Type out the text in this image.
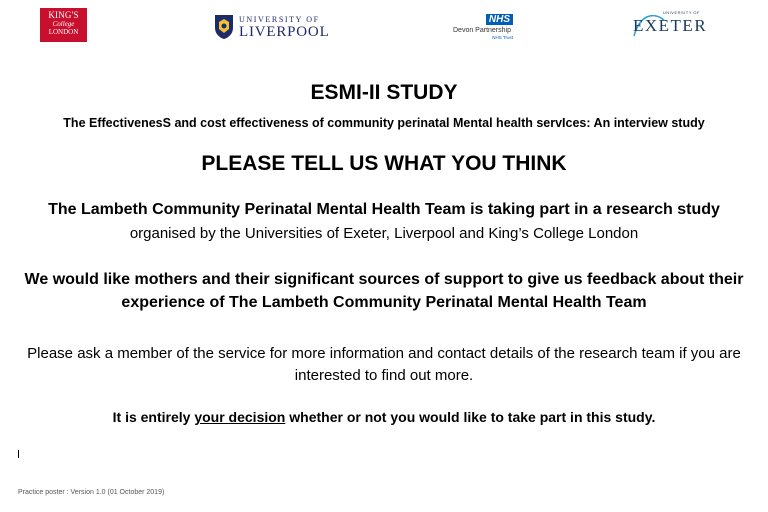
KING'S
College
LONDON
UNIVERSITY OF
LIVERPOOL
NHS
Devon Partnership
NHS Trust
UNIVERSITY OF
EXETER
ESMI-II STUDY
The EffectivenesS and cost effectiveness of community perinatal Mental health servIces: An interview study
PLEASE TELL US WHAT YOU THINK
The Lambeth Community Perinatal Mental Health Team is taking part in a research study
organised by the Universities of Exeter, Liverpool and King’s College London
We would like mothers and their significant sources of support to give us feedback about their experience of The Lambeth Community Perinatal Mental Health Team
Please ask a member of the service for more information and contact details of the research team if you are interested to find out more.
It is entirely your decision whether or not you would like to take part in this study.
Practice poster : Version 1.0 (01 October 2019)
